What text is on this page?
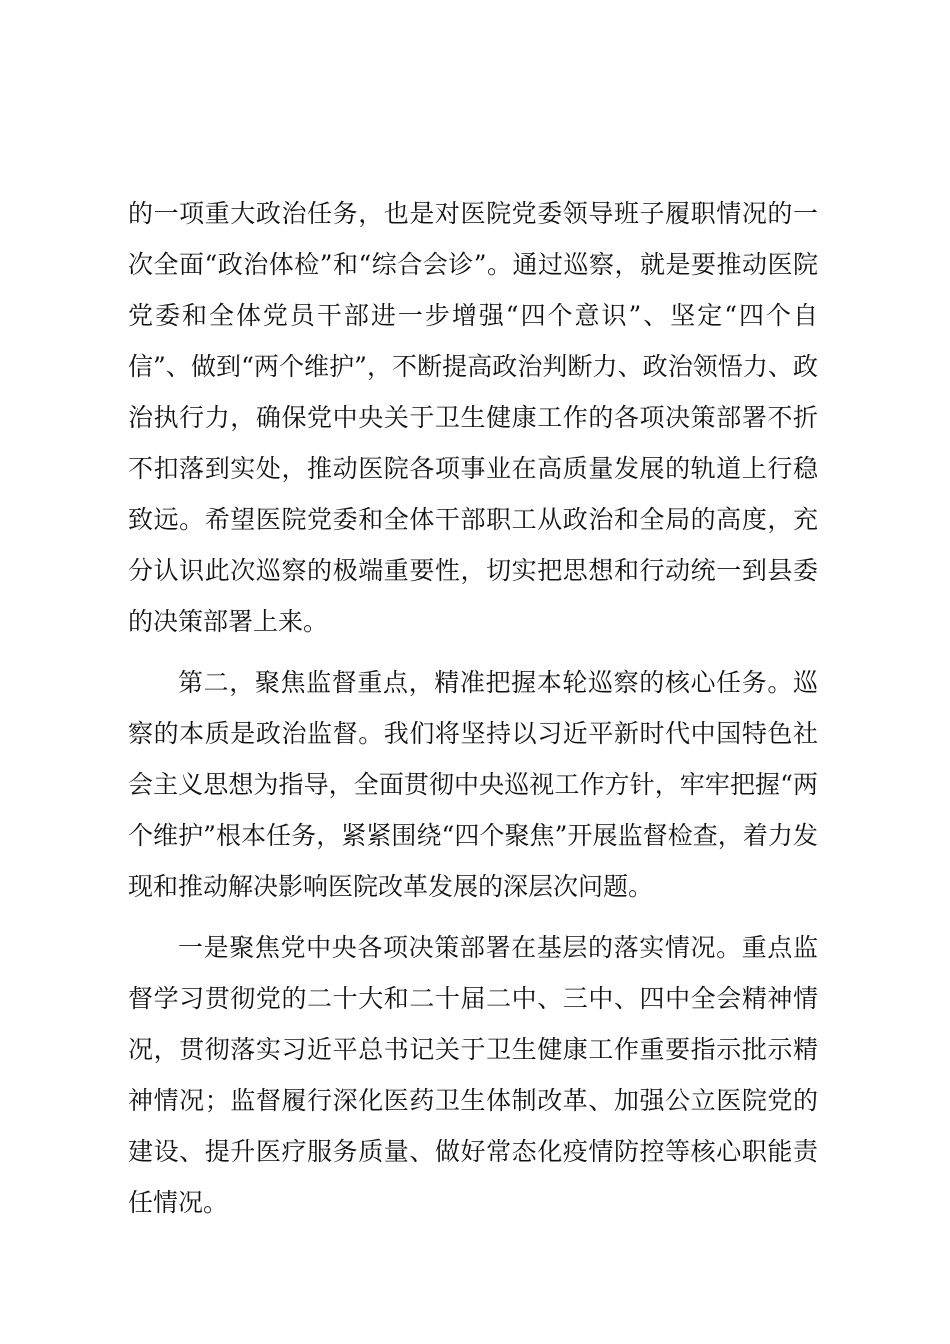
的一项重大政治任务，也是对医院党委领导班子履职情况的一次全面“政治体检”和“综合会诊”。通过巡察，就是要推动医院党委和全体党员干部进一步增强“四个意识”、坚定“四个自信”、做到“两个维护”，不断提高政治判断力、政治领悟力、政治执行力，确保党中央关于卫生健康工作的各项决策部署不折不扣落到实处，推动医院各项事业在高质量发展的轨道上行稳致远。希望医院党委和全体干部职工从政治和全局的高度，充分认识此次巡察的极端重要性，切实把思想和行动统一到县委的决策部署上来。

第二，聚焦监督重点，精准把握本轮巡察的核心任务。巡察的本质是政治监督。我们将坚持以习近平新时代中国特色社会主义思想为指导，全面贯彻中央巡视工作方针，牢牢把握“两个维护”根本任务，紧紧围绕“四个聚焦”开展监督检查，着力发现和推动解决影响医院改革发展的深层次问题。

一是聚焦党中央各项决策部署在基层的落实情况。重点监督学习贯彻党的二十大和二十届二中、三中、四中全会精神情况，贯彻落实习近平总书记关于卫生健康工作重要指示批示精神情况；监督履行深化医药卫生体制改革、加强公立医院党的建设、提升医疗服务质量、做好常态化疫情防控等核心职能责任情况。
